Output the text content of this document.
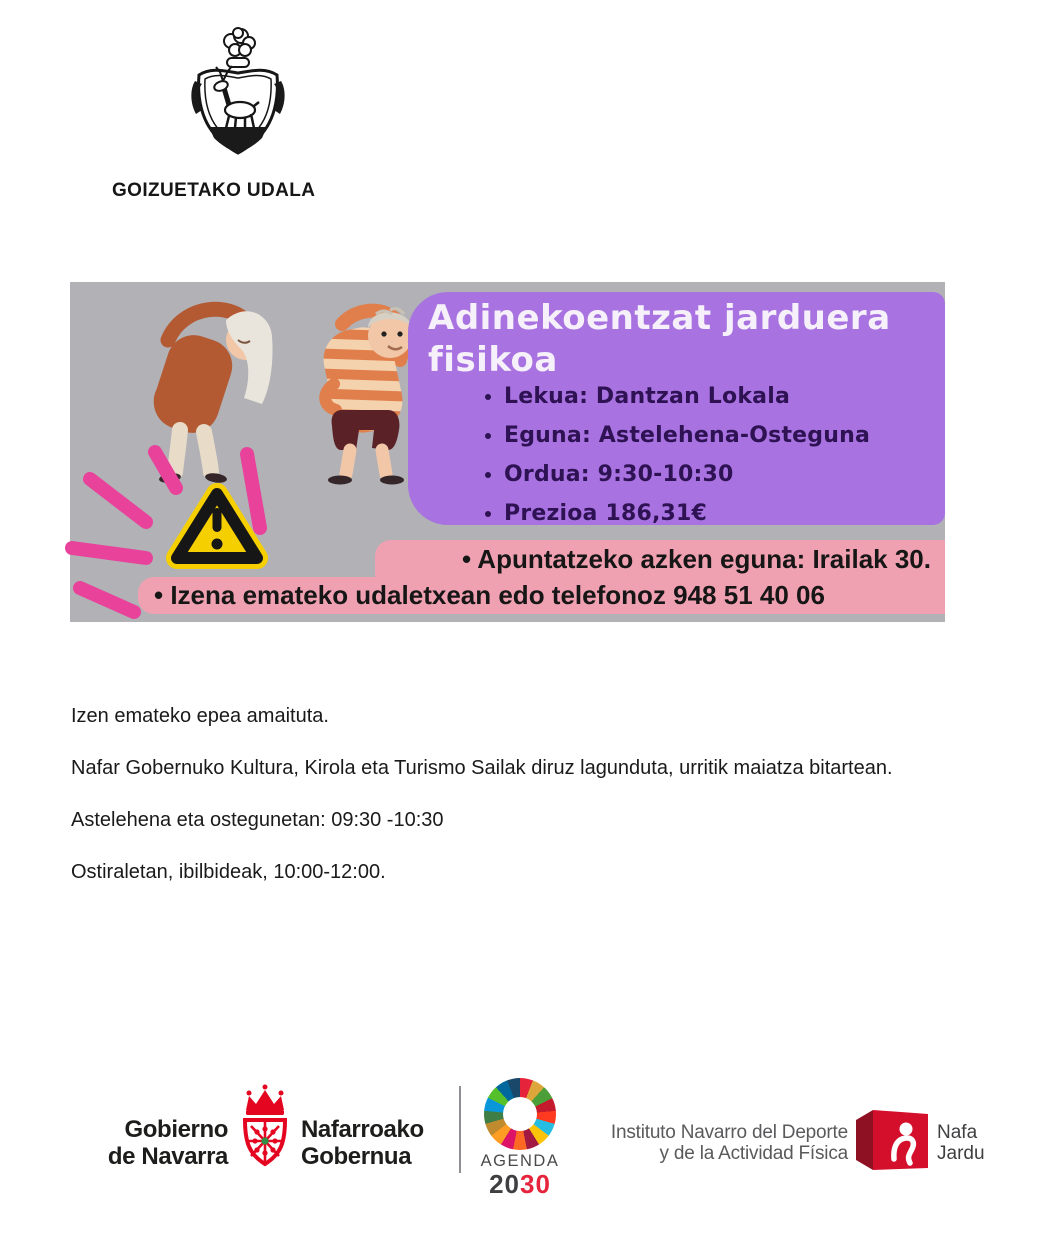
GOIZUETAKO UDALA
Adinekoentzat jarduera
fisikoa
• Lekua: Dantzan Lokala
• Eguna: Astelehena-Osteguna
• Ordua: 9:30-10:30
• Prezioa 186,31€
• Apuntatzeko azken eguna: Irailak 30.
• Izena emateko udaletxean edo telefonoz 948 51 40 06

Izen emateko epea amaituta.

Nafar Gobernuko Kultura, Kirola eta Turismo Sailak diruz lagunduta, urritik maiatza bitartean.

Astelehena eta ostegunetan: 09:30 -10:30

Ostiraletan, ibilbideak, 10:00-12:00.

Gobierno
de Navarra
Nafarroako
Gobernua	AGENDA
2030
Instituto Navarro del Deporte
y de la Actividad Física
Nafa
Jardu
